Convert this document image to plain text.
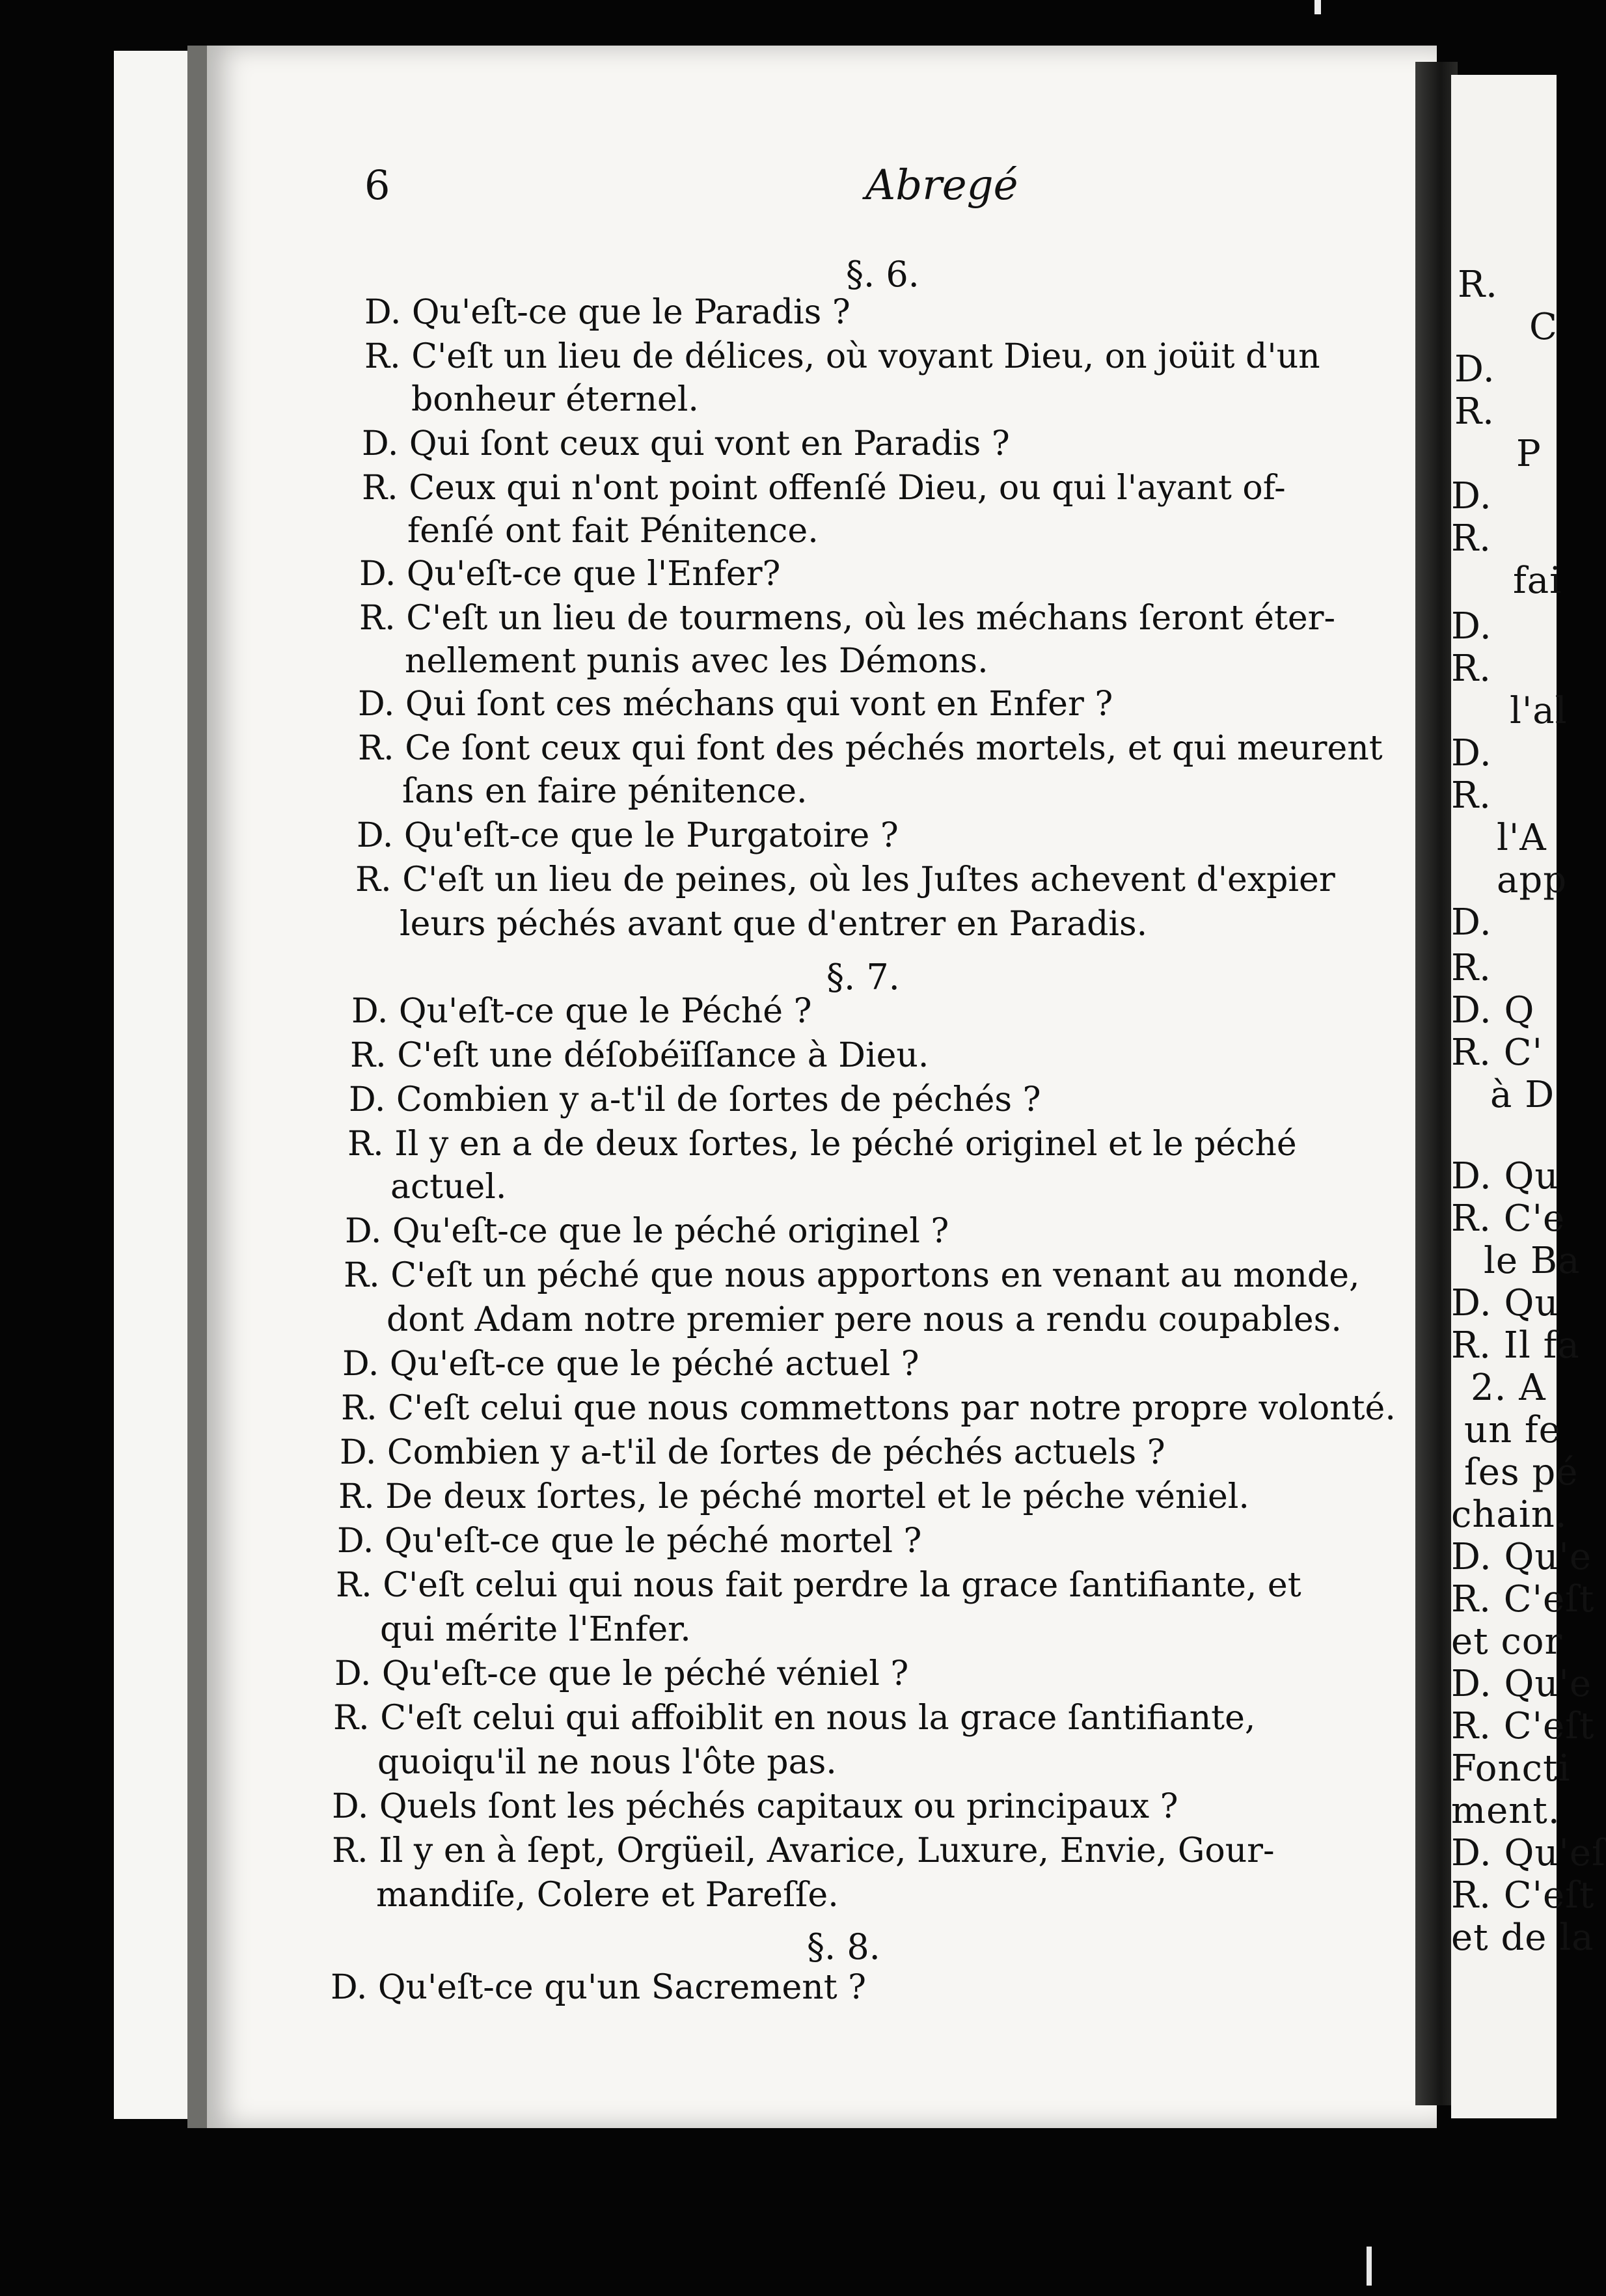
6	Abregé
§. 6.
D. Qu'eſt-ce que le Paradis ?
R. C'eſt un lieu de délices, où voyant Dieu, on joüit d'un
bonheur éternel.
D. Qui ſont ceux qui vont en Paradis ?
R. Ceux qui n'ont point offenſé Dieu, ou qui l'ayant of-
fenſé ont fait Pénitence.
D. Qu'eſt-ce que l'Enfer?
R. C'eſt un lieu de tourmens, où les méchans ſeront éter-
nellement punis avec les Démons.
D. Qui ſont ces méchans qui vont en Enfer ?
R. Ce ſont ceux qui font des péchés mortels, et qui meurent
ſans en faire pénitence.
D. Qu'eſt-ce que le Purgatoire ?
R. C'eſt un lieu de peines, où les Juſtes achevent d'expier
leurs péchés avant que d'entrer en Paradis.
§. 7.
D. Qu'eſt-ce que le Péché ?
R. C'eſt une déſobéïſſance à Dieu.
D. Combien y a-t'il de ſortes de péchés ?
R. Il y en a de deux ſortes, le péché originel et le péché
actuel.
D. Qu'eſt-ce que le péché originel ?
R. C'eſt un péché que nous apportons en venant au monde,
dont Adam notre premier pere nous a rendu coupables.
D. Qu'eſt-ce que le péché actuel ?
R. C'eſt celui que nous commettons par notre propre volonté.
D. Combien y a-t'il de ſortes de péchés actuels ?
R. De deux ſortes, le péché mortel et le péche véniel.
D. Qu'eſt-ce que le péché mortel ?
R. C'eſt celui qui nous fait perdre la grace ſantifiante, et
qui mérite l'Enfer.
D. Qu'eſt-ce que le péché véniel ?
R. C'eſt celui qui affoiblit en nous la grace ſantifiante,
quoiqu'il ne nous l'ôte pas.
D. Quels ſont les péchés capitaux ou principaux ?
R. Il y en à ſept, Orgüeil, Avarice, Luxure, Envie, Gour-
mandiſe, Colere et Pareſſe.
§. 8.
D. Qu'eſt-ce qu'un Sacrement ?
R.
C
D.
R.
P
D.
R.
fai
D.
R.
l'al
D.
R.
l'A
app
D.
R.
D. Q
R. C'
à D
D. Qu
R. C'e
le Ba
D. Qu
R. Il fa
2. A
un fe
ſes pé
chain.
D. Qu'e
R. C'eſt
et cor
D. Qu'e
R. C'eſt
Foncti
ment.
D. Qu'eſ
R. C'eſt
et de la
